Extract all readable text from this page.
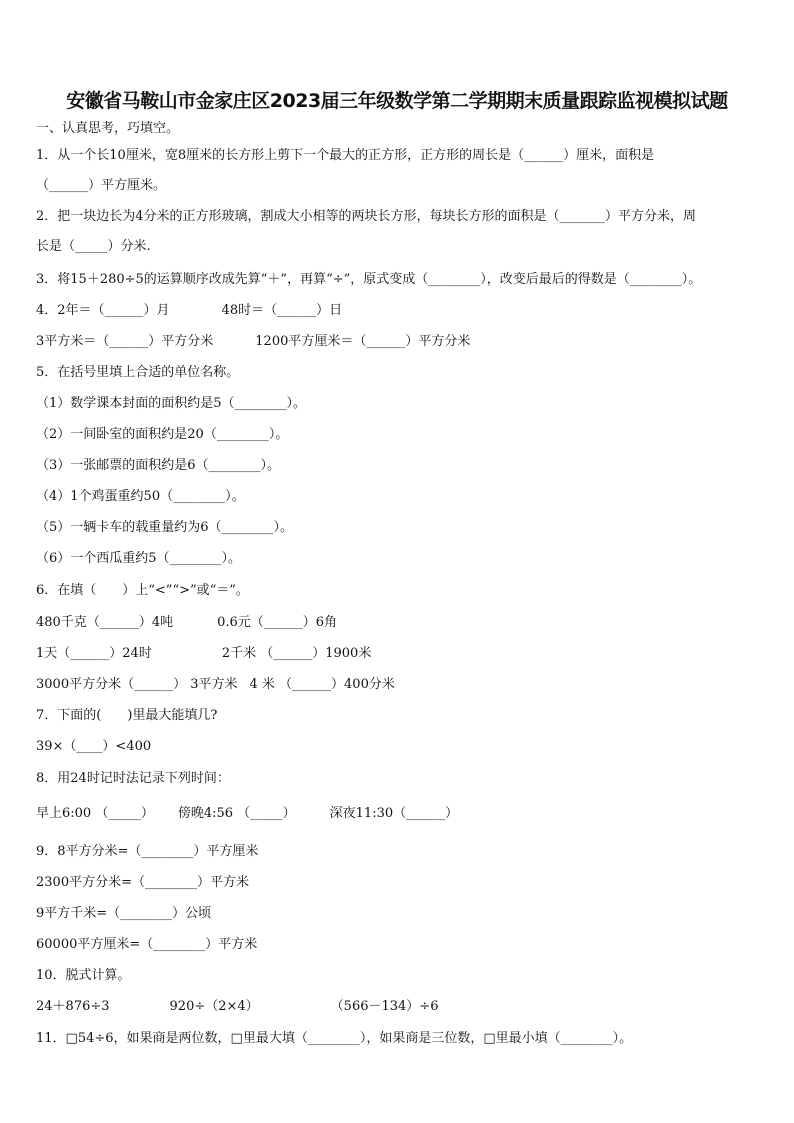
安徽省马鞍山市金家庄区2023届三年级数学第二学期期末质量跟踪监视模拟试题

一、认真思考，巧填空。

1．从一个长10厘米，宽8厘米的长方形上剪下一个最大的正方形，正方形的周长是（______）厘米，面积是

（______）平方厘米。

2．把一块边长为4分米的正方形玻璃，割成大小相等的两块长方形，每块长方形的面积是（_______）平方分米，周

长是（_____）分米.

3．将15＋280÷5的运算顺序改成先算“＋”，再算“÷”，原式变成（________），改变后最后的得数是（________）。

4．2年＝（______）月	48时＝（______）日

3平方米＝（______）平方分米	1200平方厘米＝（______）平方分米

5．在括号里填上合适的单位名称。

（1）数学课本封面的面积约是5（________）。

（2）一间卧室的面积约是20（________）。

（3）一张邮票的面积约是6（________）。

（4）1个鸡蛋重约50（________）。

（5）一辆卡车的载重量约为6（________）。

（6）一个西瓜重约5（________）。

6．在填（　　）上“<”“>”或“＝”。

480千克（______）4吨	0.6元（______）6角

1天（______）24时	2千米 （______）1900米

3000平方分米（______） 3平方米 4 米 （______）400分米

7．下面的(　　)里最大能填几?

39×（____）<400

8．用24时记时法记录下列时间：

早上6:00 （_____） 傍晚4:56 （_____）	深夜11:30（______）

9．8平方分米=（________）平方厘米

2300平方分米=（________）平方米

9平方千米=（________）公顷

60000平方厘米=（________）平方米

10．脱式计算。

24＋876÷3	920÷（2×4）	（566－134）÷6

11．□54÷6，如果商是两位数，□里最大填（________），如果商是三位数，□里最小填（________）。
